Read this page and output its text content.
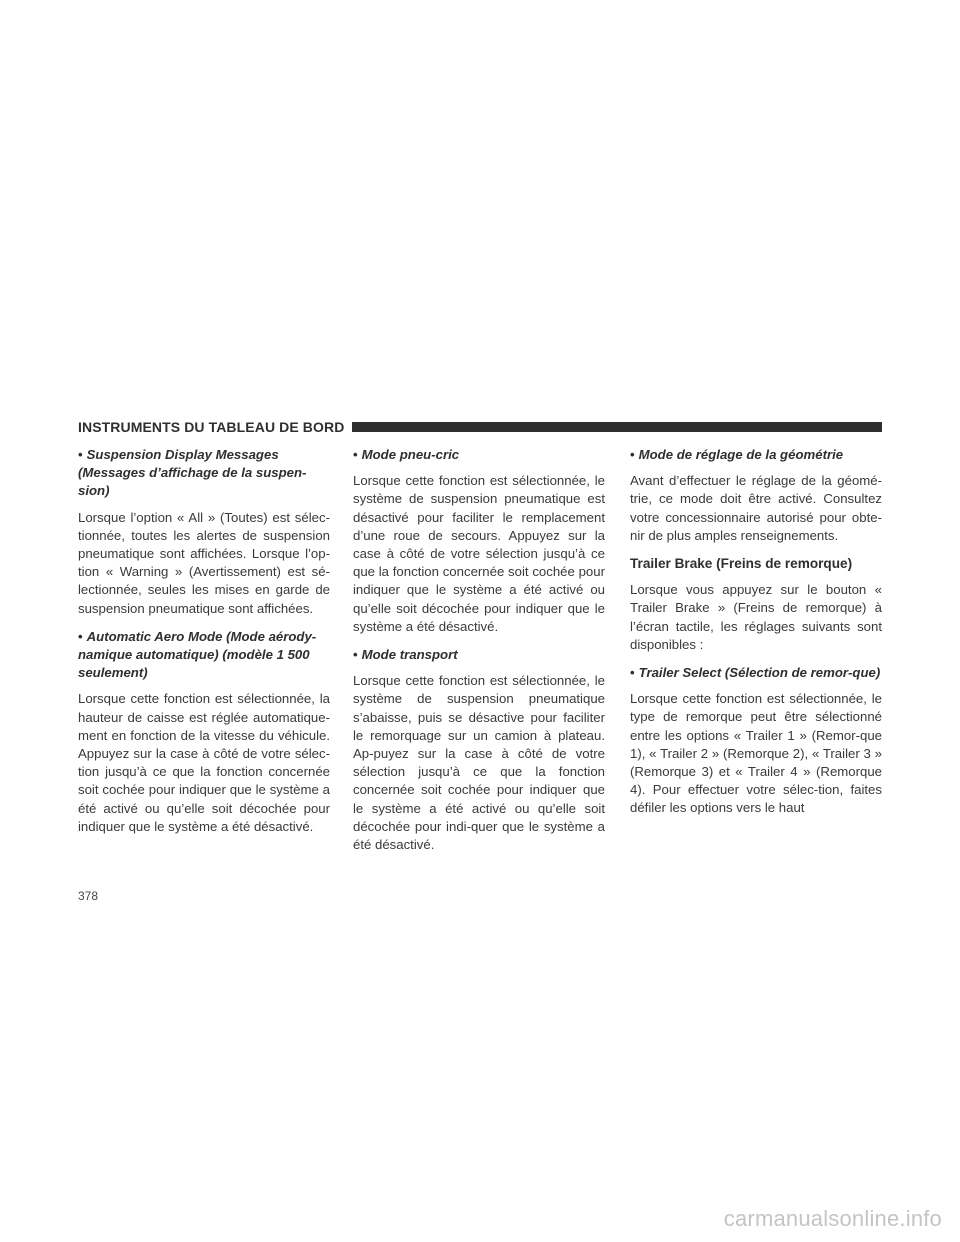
INSTRUMENTS DU TABLEAU DE BORD
• Suspension Display Messages (Messages d’affichage de la suspen-sion)

Lorsque l’option « All » (Toutes) est sélec-tionnée, toutes les alertes de suspension pneumatique sont affichées. Lorsque l’op-tion « Warning » (Avertissement) est sé-lectionnée, seules les mises en garde de suspension pneumatique sont affichées.

• Automatic Aero Mode (Mode aérody-namique automatique) (modèle 1 500 seulement)

Lorsque cette fonction est sélectionnée, la hauteur de caisse est réglée automatique-ment en fonction de la vitesse du véhicule. Appuyez sur la case à côté de votre sélec-tion jusqu’à ce que la fonction concernée soit cochée pour indiquer que le système a été activé ou qu’elle soit décochée pour indiquer que le système a été désactivé.

• Mode pneu-cric

Lorsque cette fonction est sélectionnée, le système de suspension pneumatique est désactivé pour faciliter le remplacement d’une roue de secours. Appuyez sur la case à côté de votre sélection jusqu’à ce que la fonction concernée soit cochée pour indiquer que le système a été activé ou qu’elle soit décochée pour indiquer que le système a été désactivé.

• Mode transport

Lorsque cette fonction est sélectionnée, le système de suspension pneumatique s’abaisse, puis se désactive pour faciliter le remorquage sur un camion à plateau. Ap-puyez sur la case à côté de votre sélection jusqu’à ce que la fonction concernée soit cochée pour indiquer que le système a été activé ou qu’elle soit décochée pour indi-quer que le système a été désactivé.

• Mode de réglage de la géométrie

Avant d’effectuer le réglage de la géomé-trie, ce mode doit être activé. Consultez votre concessionnaire autorisé pour obte-nir de plus amples renseignements.

Trailer Brake (Freins de remorque)

Lorsque vous appuyez sur le bouton « Trailer Brake » (Freins de remorque) à l’écran tactile, les réglages suivants sont disponibles :

• Trailer Select (Sélection de remor-que)

Lorsque cette fonction est sélectionnée, le type de remorque peut être sélectionné entre les options « Trailer 1 » (Remor-que 1), « Trailer 2 » (Remorque 2), « Trailer 3 » (Remorque 3) et « Trailer 4 » (Remorque 4). Pour effectuer votre sélec-tion, faites défiler les options vers le haut

378
carmanualsonline.info
